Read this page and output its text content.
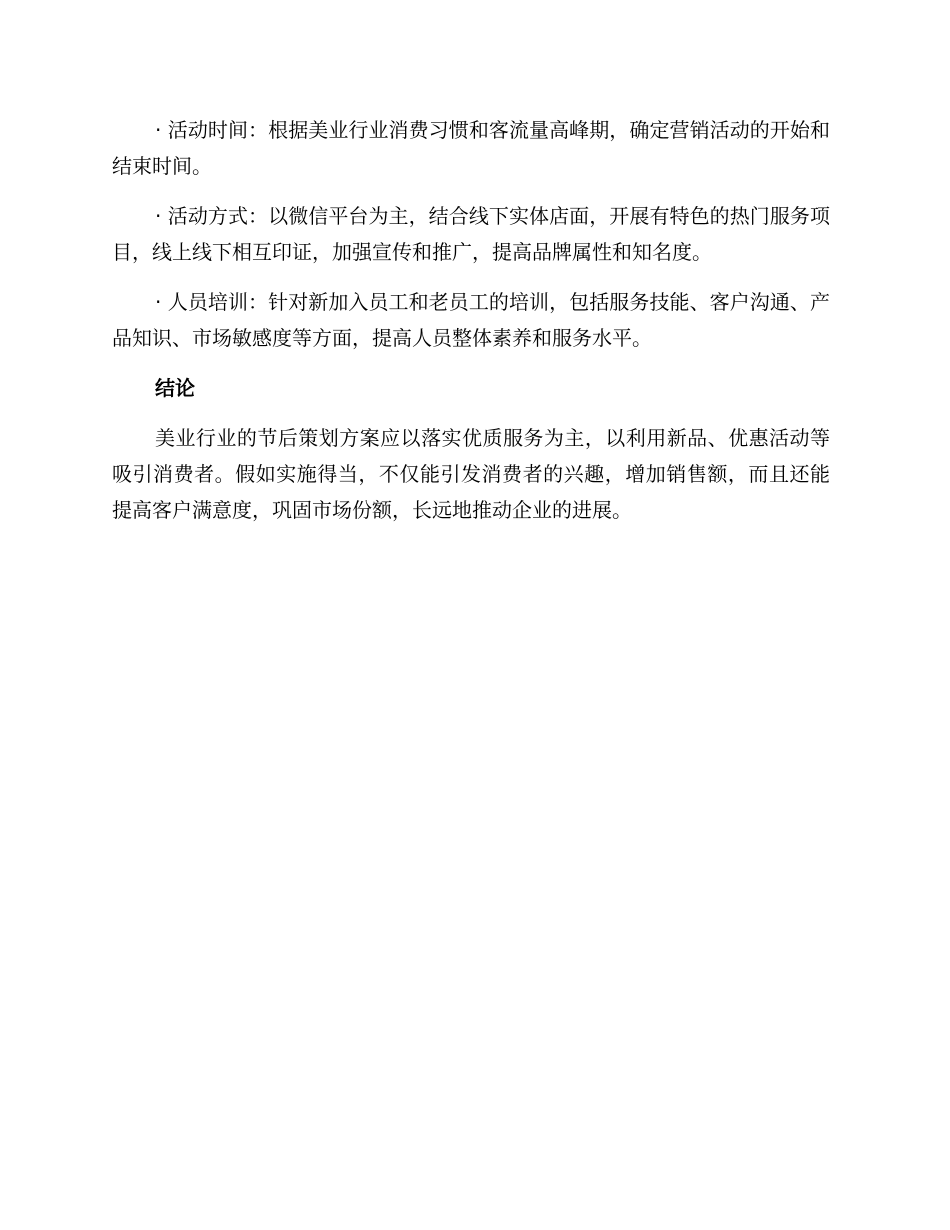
· 活动时间：根据美业行业消费习惯和客流量高峰期，确定营销活动的开始和结束时间。

· 活动方式：以微信平台为主，结合线下实体店面，开展有特色的热门服务项目，线上线下相互印证，加强宣传和推广，提高品牌属性和知名度。

· 人员培训：针对新加入员工和老员工的培训，包括服务技能、客户沟通、产品知识、市场敏感度等方面，提高人员整体素养和服务水平。

结论

美业行业的节后策划方案应以落实优质服务为主，以利用新品、优惠活动等吸引消费者。假如实施得当，不仅能引发消费者的兴趣，增加销售额，而且还能提高客户满意度，巩固市场份额，长远地推动企业的进展。
